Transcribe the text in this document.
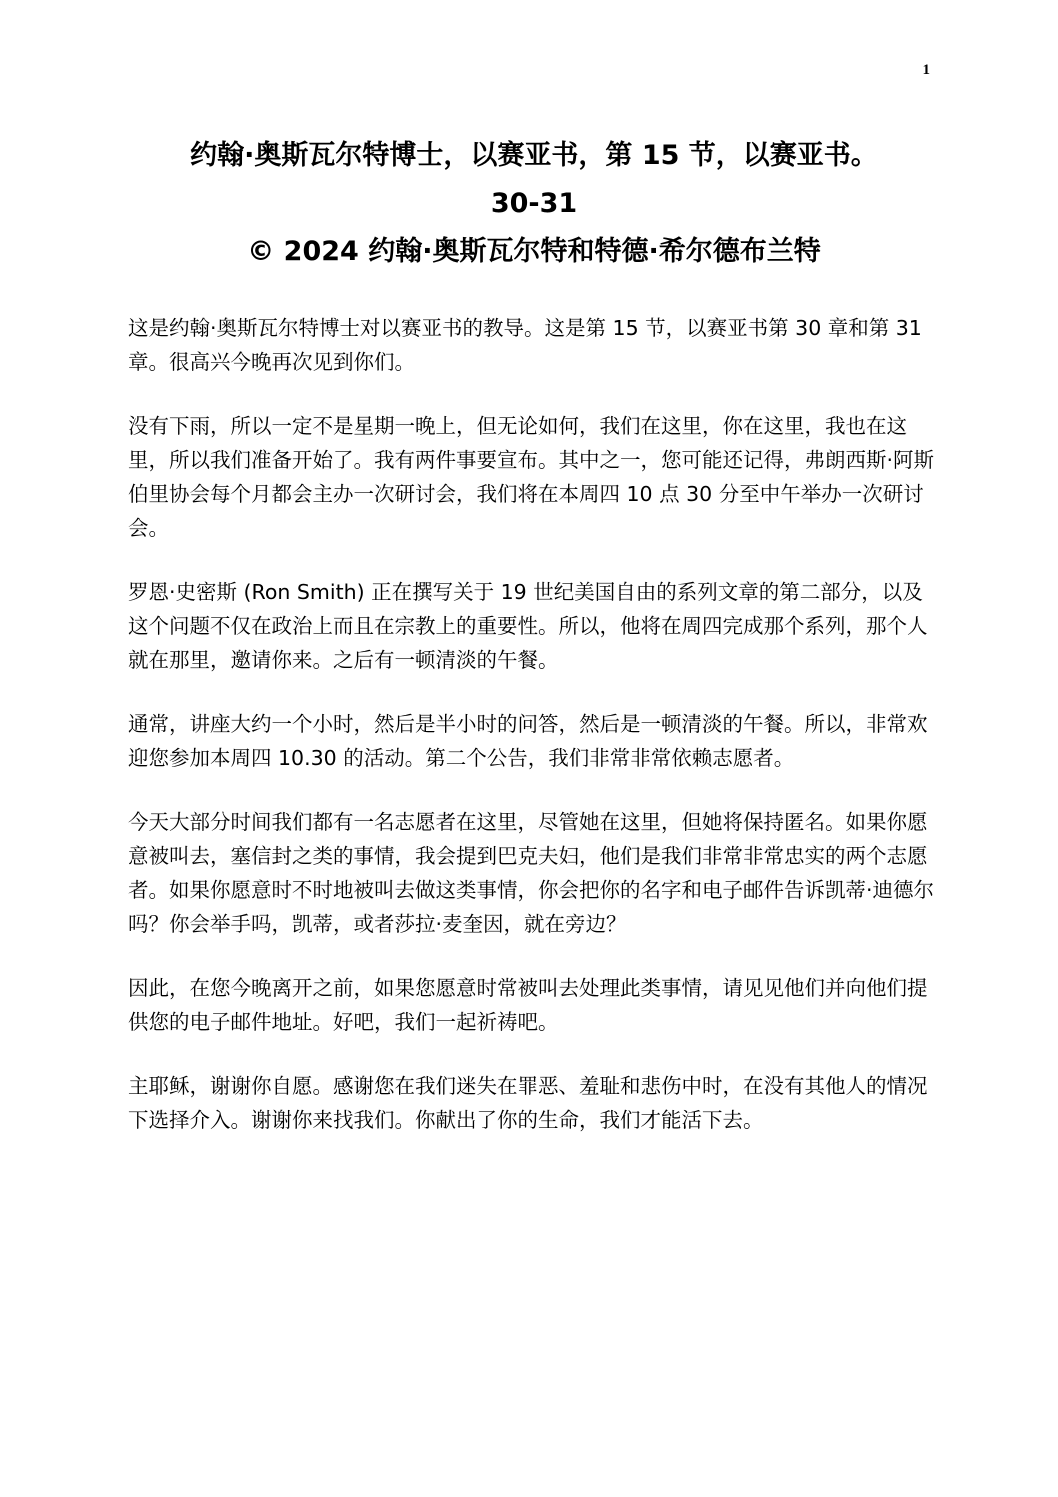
1
约翰·奥斯瓦尔特博士，以赛亚书，第 15 节，以赛亚书。
30-31
© 2024 约翰·奥斯瓦尔特和特德·希尔德布兰特

这是约翰·奥斯瓦尔特博士对以赛亚书的教导。这是第 15 节，以赛亚书第 30 章和第 31 章。很高兴今晚再次见到你们。

没有下雨，所以一定不是星期一晚上，但无论如何，我们在这里，你在这里，我也在这里，所以我们准备开始了。我有两件事要宣布。其中之一，您可能还记得，弗朗西斯·阿斯伯里协会每个月都会主办一次研讨会，我们将在本周四 10 点 30 分至中午举办一次研讨会。

罗恩·史密斯 (Ron Smith) 正在撰写关于 19 世纪美国自由的系列文章的第二部分，以及这个问题不仅在政治上而且在宗教上的重要性。所以，他将在周四完成那个系列，那个人就在那里，邀请你来。之后有一顿清淡的午餐。

通常，讲座大约一个小时，然后是半小时的问答，然后是一顿清淡的午餐。所以，非常欢迎您参加本周四 10.30 的活动。第二个公告，我们非常非常依赖志愿者。

今天大部分时间我们都有一名志愿者在这里，尽管她在这里，但她将保持匿名。如果你愿意被叫去，塞信封之类的事情，我会提到巴克夫妇，他们是我们非常非常忠实的两个志愿者。如果你愿意时不时地被叫去做这类事情，你会把你的名字和电子邮件告诉凯蒂·迪德尔吗？你会举手吗，凯蒂，或者莎拉·麦奎因，就在旁边？

因此，在您今晚离开之前，如果您愿意时常被叫去处理此类事情，请见见他们并向他们提供您的电子邮件地址。好吧，我们一起祈祷吧。

主耶稣，谢谢你自愿。感谢您在我们迷失在罪恶、羞耻和悲伤中时，在没有其他人的情况下选择介入。谢谢你来找我们。你献出了你的生命，我们才能活下去。
